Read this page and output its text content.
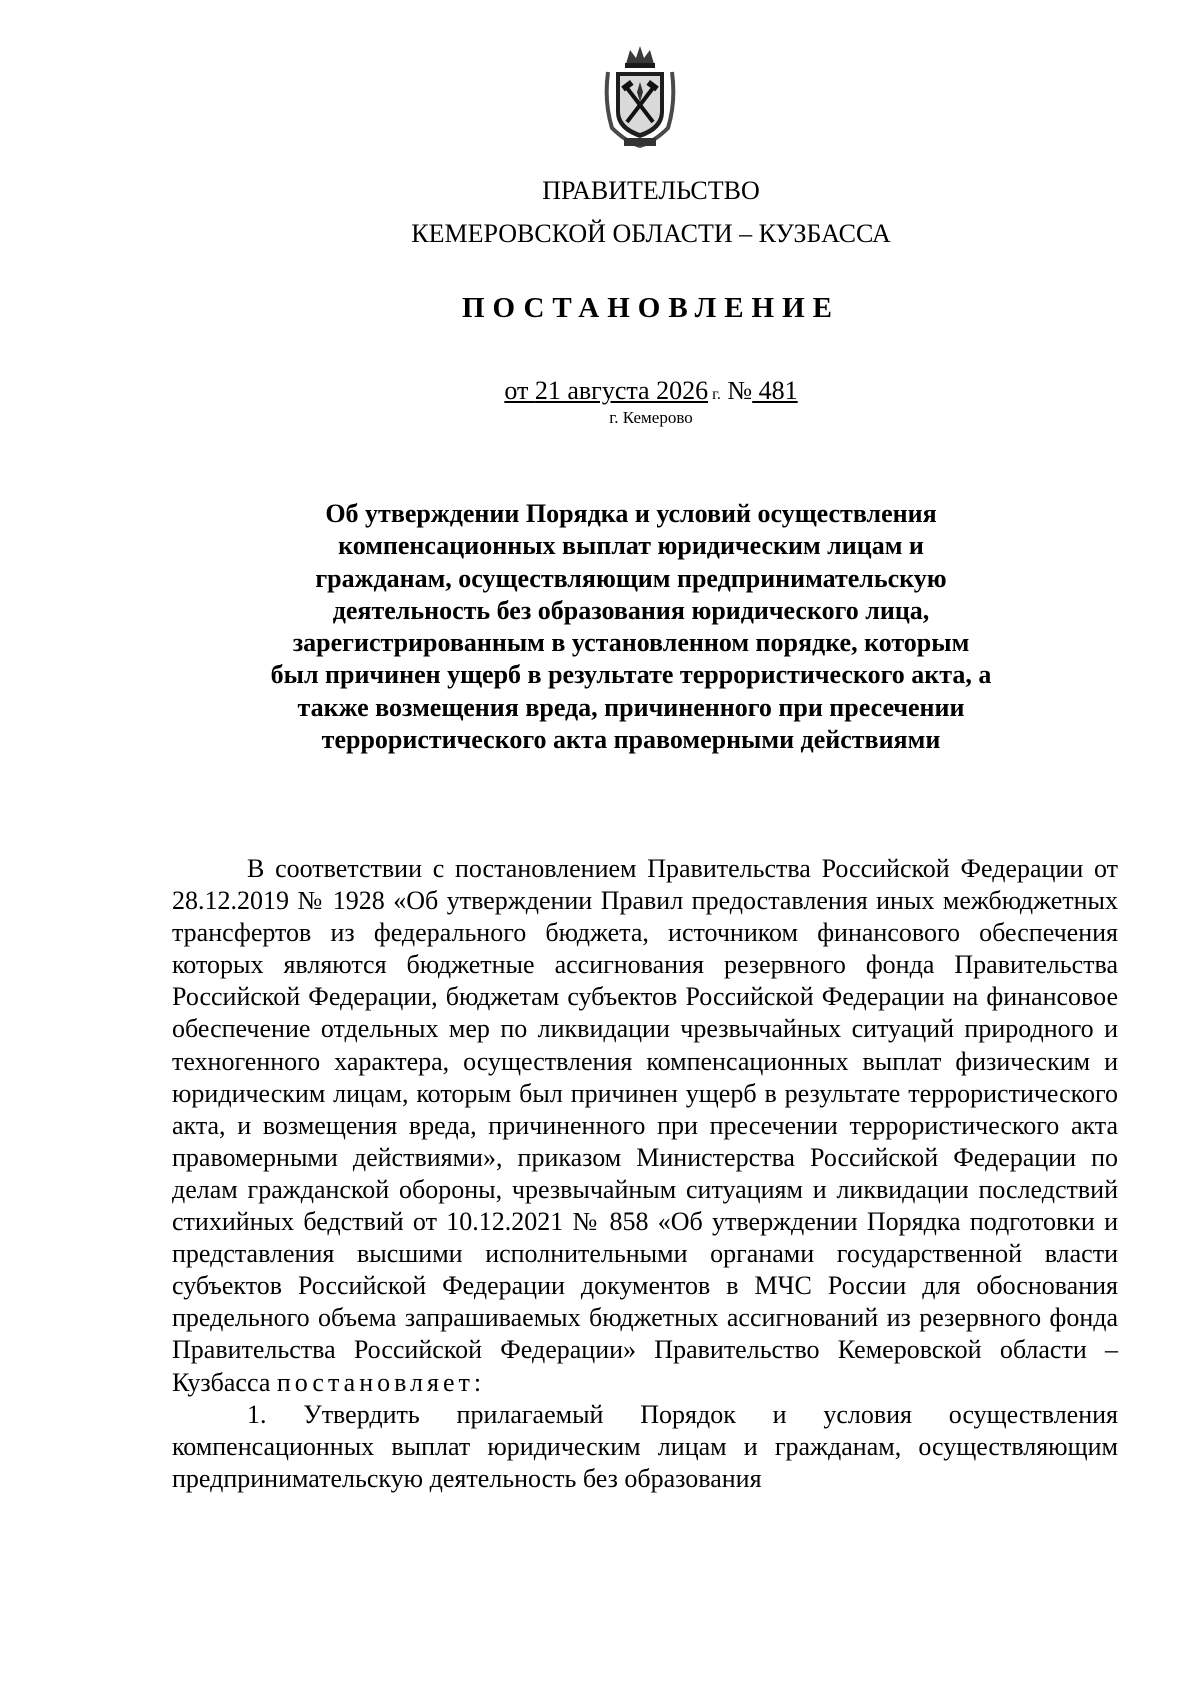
ПРАВИТЕЛЬСТВО
КЕМЕРОВСКОЙ ОБЛАСТИ – КУЗБАССА
ПОСТАНОВЛЕНИЕ
от 21 августа 2026 г. № 481
г. Кемерово
Об утверждении Порядка и условий осуществления компенсационных выплат юридическим лицам и гражданам, осуществляющим предпринимательскую деятельность без образования юридического лица, зарегистрированным в установленном порядке, которым был причинен ущерб в результате террористического акта, а также возмещения вреда, причиненного при пресечении террористического акта правомерными действиями

В соответствии с постановлением Правительства Российской Федерации от 28.12.2019 № 1928 «Об утверждении Правил предоставления иных межбюджетных трансфертов из федерального бюджета, источником финансового обеспечения которых являются бюджетные ассигнования резервного фонда Правительства Российской Федерации, бюджетам субъектов Российской Федерации на финансовое обеспечение отдельных мер по ликвидации чрезвычайных ситуаций природного и техногенного характера, осуществления компенсационных выплат физическим и юридическим лицам, которым был причинен ущерб в результате террористического акта, и возмещения вреда, причиненного при пресечении террористического акта правомерными действиями», приказом Министерства Российской Федерации по делам гражданской обороны, чрезвычайным ситуациям и ликвидации последствий стихийных бедствий от 10.12.2021 № 858 «Об утверждении Порядка подготовки и представления высшими исполнительными органами государственной власти субъектов Российской Федерации документов в МЧС России для обоснования предельного объема запрашиваемых бюджетных ассигнований из резервного фонда Правительства Российской Федерации» Правительство Кемеровской области – Кузбасса постановляет:

1. Утвердить прилагаемый Порядок и условия осуществления компенсационных выплат юридическим лицам и гражданам, осуществляющим предпринимательскую деятельность без образования
